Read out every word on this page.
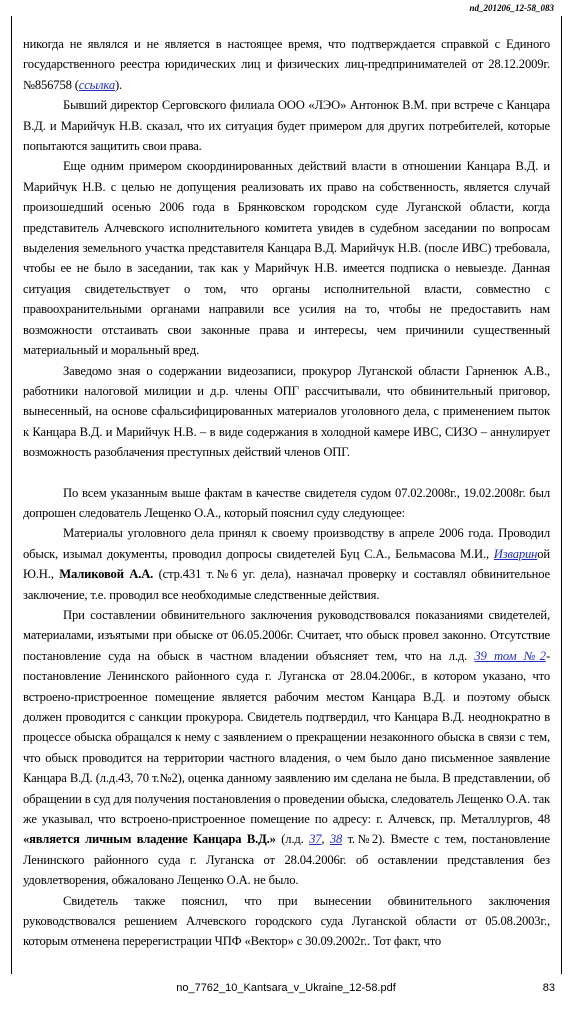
nd_201206_12-58_083

никогда не являлся и не является в настоящее время, что подтверждается справкой с Единого государственного реестра юридических лиц и физических лиц-предпринимателей от 28.12.2009г. №856758 (ссылка).

Бывший директор Серговского филиала ООО «ЛЭО» Антонюк В.М. при встрече с Канцара В.Д. и Марийчук Н.В. сказал, что их ситуация будет примером для других потребителей, которые попытаются защитить свои права.

Еще одним примером скоординированных действий власти в отношении Канцара В.Д. и Марийчук Н.В. с целью не допущения реализовать их право на собственность, является случай произошедший осенью 2006 года в Брянковском городском суде Луганской области, когда представитель Алчевского исполнительного комитета увидев в судебном заседании по вопросам выделения земельного участка представителя Канцара В.Д. Марийчук Н.В. (после ИВС) требовала, чтобы ее не было в заседании, так как у Марийчук Н.В. имеется подписка о невыезде. Данная ситуация свидетельствует о том, что органы исполнительной власти, совместно с правоохранительными органами направили все усилия на то, чтобы не предоставить нам возможности отстаивать свои законные права и интересы, чем причинили существенный материальный и моральный вред.

Заведомо зная о содержании видеозаписи, прокурор Луганской области Гарненюк А.В., работники налоговой милиции и д.р. члены ОПГ рассчитывали, что обвинительный приговор, вынесенный, на основе сфальсифицированных материалов уголовного дела, с применением пыток к Канцара В.Д. и Марийчук Н.В. – в виде содержания в холодной камере ИВС, СИЗО – аннулирует возможность разоблачения преступных действий членов ОПГ.

По всем указанным выше фактам в качестве свидетеля судом 07.02.2008г., 19.02.2008г. был допрошен следователь Лещенко О.А., который пояснил суду следующее:

Материалы уголовного дела принял к своему производству в апреле 2006 года. Проводил обыск, изымал документы, проводил допросы свидетелей Буц С.А., Бельмасова М.И., Извариной Ю.Н., Маликовой А.А. (стр.431 т.№6 уг. дела), назначал проверку и составлял обвинительное заключение, т.е. проводил все необходимые следственные действия.

При составлении обвинительного заключения руководствовался показаниями свидетелей, материалами, изъятыми при обыске от 06.05.2006г. Считает, что обыск провел законно. Отсутствие постановление суда на обыск в частном владении объясняет тем, что на л.д. 39 том №2- постановление Ленинского районного суда г. Луганска от 28.04.2006г., в котором указано, что встроено-пристроенное помещение является рабочим местом Канцара В.Д. и поэтому обыск должен проводится с санкции прокурора. Свидетель подтвердил, что Канцара В.Д. неоднократно в процессе обыска обращался к нему с заявлением о прекращении незаконного обыска в связи с тем, что обыск проводится на территории частного владения, о чем было дано письменное заявление Канцара В.Д. (л.д.43, 70 т.№2), оценка данному заявлению им сделана не была. В представлении, об обращении в суд для получения постановления о проведении обыска, следователь Лещенко О.А. так же указывал, что встроено-пристроенное помещение по адресу: г. Алчевск, пр. Металлургов, 48 «является личным владение Канцара В.Д.» (л.д. 37, 38 т.№2). Вместе с тем, постановление Ленинского районного суда г. Луганска от 28.04.2006г. об оставлении представления без удовлетворения, обжаловано Лещенко О.А. не было.

Свидетель также пояснил, что при вынесении обвинительного заключения руководствовался решением Алчевского городского суда Луганской области от 05.08.2003г., которым отменена перерегистрации ЧПФ «Вектор» с 30.09.2002г.. Тот факт, что

no_7762_10_Kantsara_v_Ukraine_12-58.pdf	83
